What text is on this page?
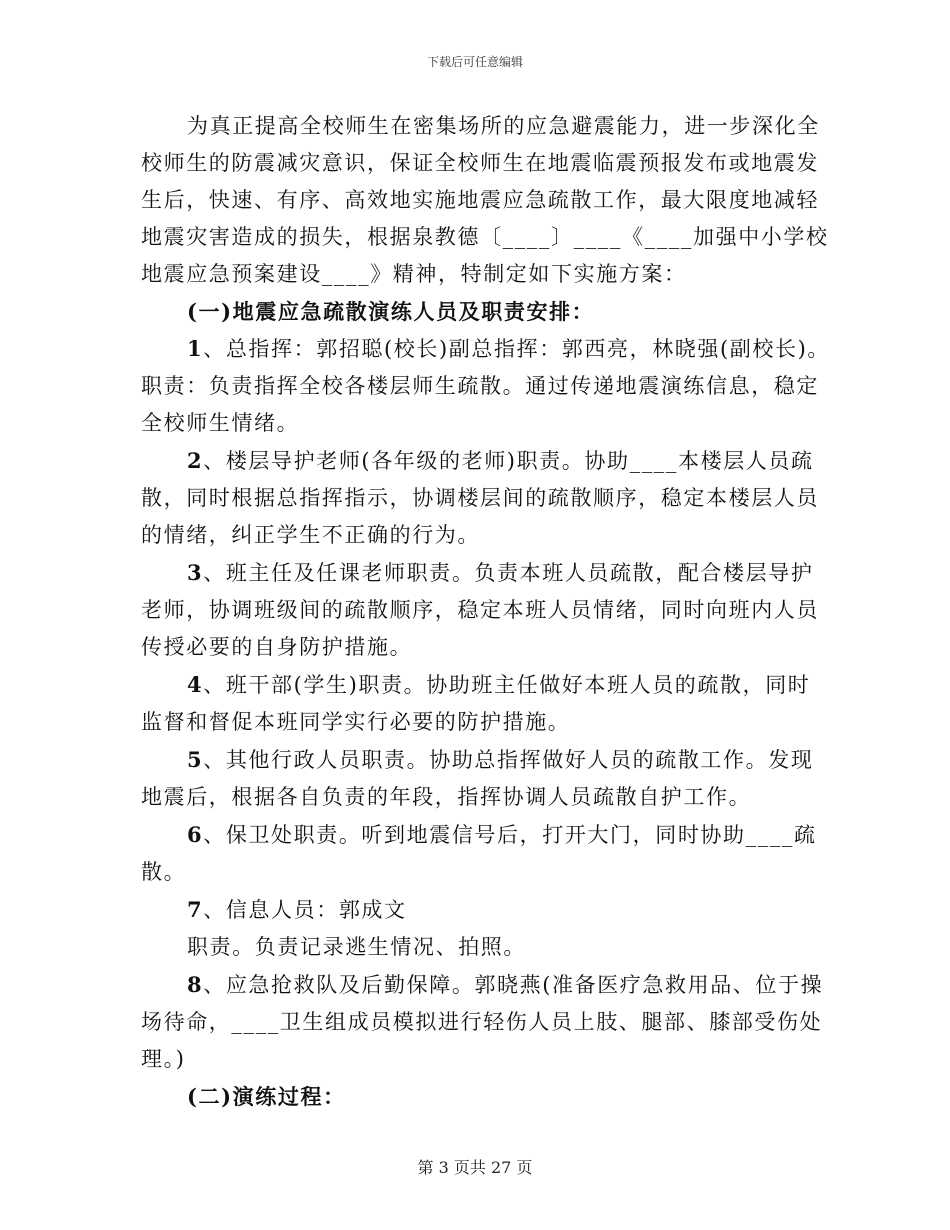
下载后可任意编辑

为真正提高全校师生在密集场所的应急避震能力，进一步深化全校师生的防震减灾意识，保证全校师生在地震临震预报发布或地震发生后，快速、有序、高效地实施地震应急疏散工作，最大限度地减轻地震灾害造成的损失，根据泉教德〔____〕____《____加强中小学校地震应急预案建设____》精神，特制定如下实施方案：

(一)地震应急疏散演练人员及职责安排：

1、总指挥：郭招聪(校长)副总指挥：郭西亮，林晓强(副校长)。职责：负责指挥全校各楼层师生疏散。通过传递地震演练信息，稳定全校师生情绪。

2、楼层导护老师(各年级的老师)职责。协助____本楼层人员疏散，同时根据总指挥指示，协调楼层间的疏散顺序，稳定本楼层人员的情绪，纠正学生不正确的行为。

3、班主任及任课老师职责。负责本班人员疏散，配合楼层导护老师，协调班级间的疏散顺序，稳定本班人员情绪，同时向班内人员传授必要的自身防护措施。

4、班干部(学生)职责。协助班主任做好本班人员的疏散，同时监督和督促本班同学实行必要的防护措施。

5、其他行政人员职责。协助总指挥做好人员的疏散工作。发现地震后，根据各自负责的年段，指挥协调人员疏散自护工作。

6、保卫处职责。听到地震信号后，打开大门，同时协助____疏散。

7、信息人员：郭成文

职责。负责记录逃生情况、拍照。

8、应急抢救队及后勤保障。郭晓燕(准备医疗急救用品、位于操场待命，____卫生组成员模拟进行轻伤人员上肢、腿部、膝部受伤处理。)

(二)演练过程：

第 3 页共 27 页
